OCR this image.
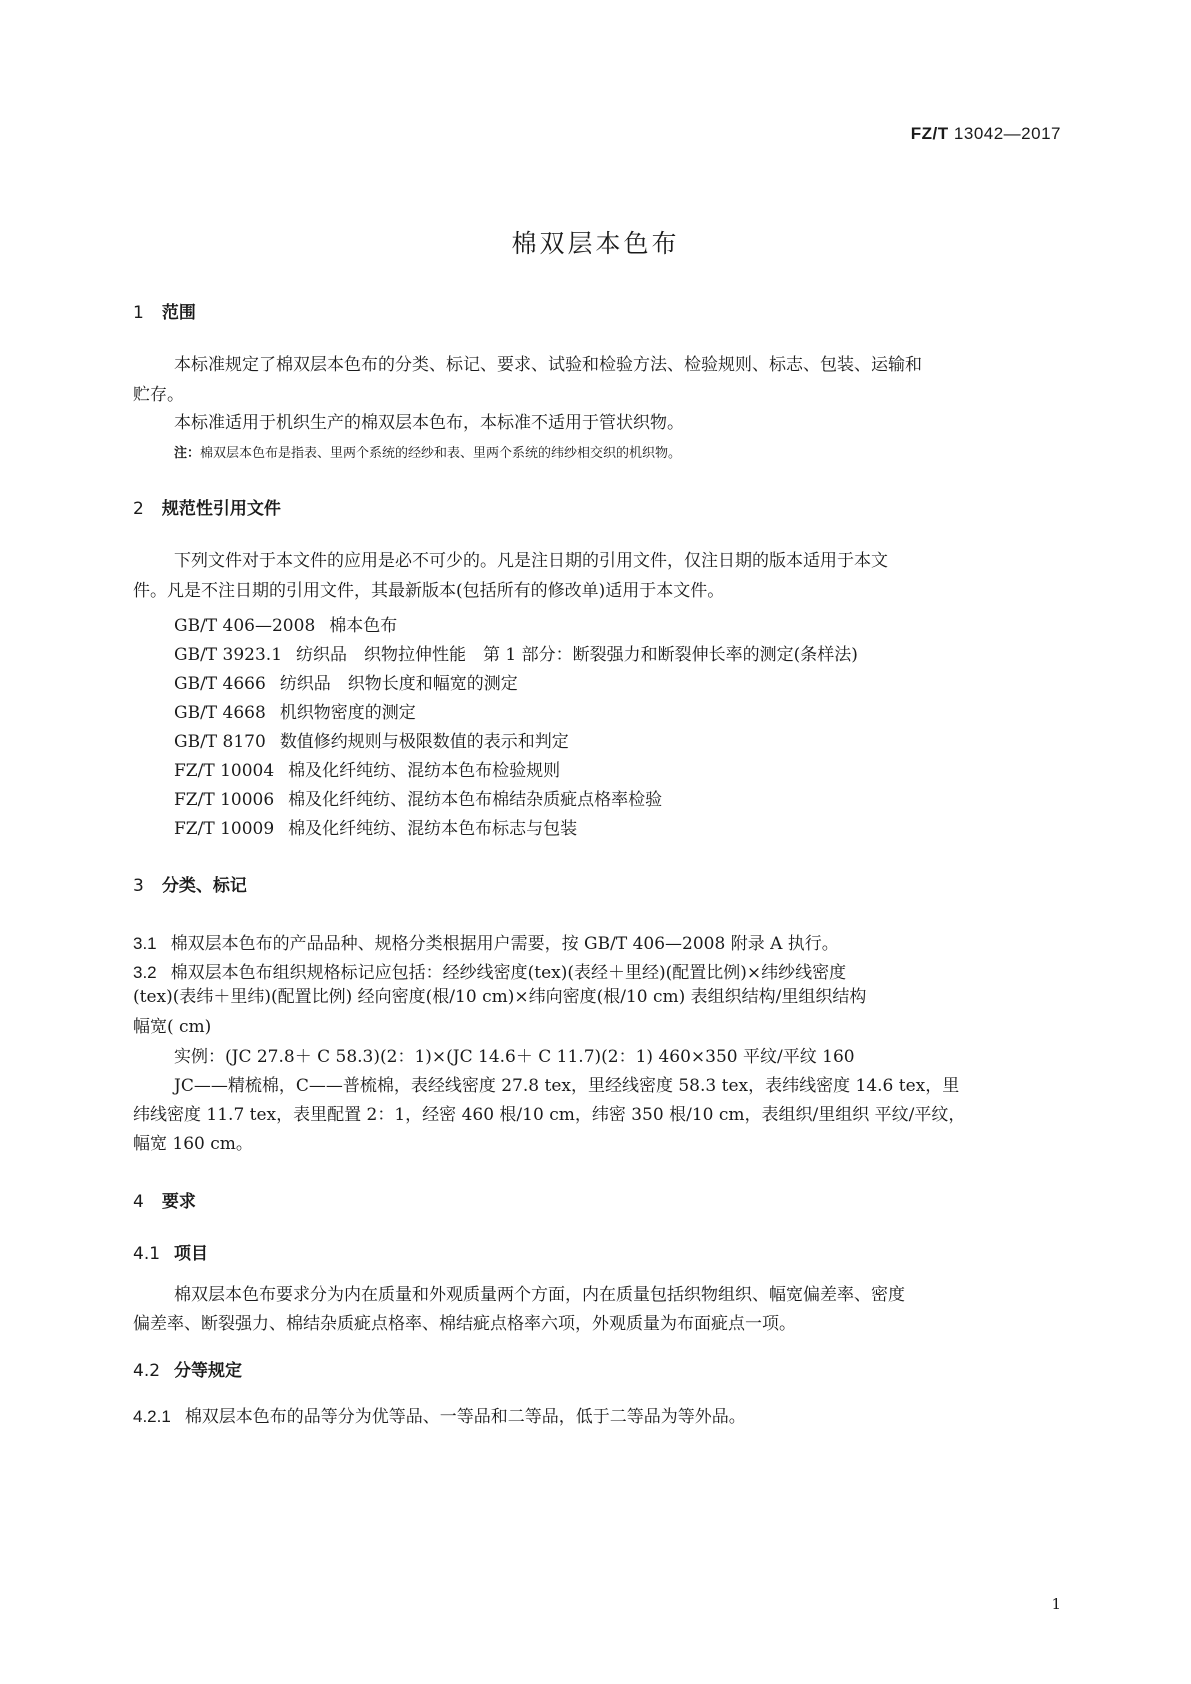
FZ/T 13042—2017
棉双层本色布
1 范围
本标准规定了棉双层本色布的分类、标记、要求、试验和检验方法、检验规则、标志、包装、运输和
贮存。
本标准适用于机织生产的棉双层本色布，本标准不适用于管状织物。
注：棉双层本色布是指表、里两个系统的经纱和表、里两个系统的纬纱相交织的机织物。
2 规范性引用文件
下列文件对于本文件的应用是必不可少的。凡是注日期的引用文件，仅注日期的版本适用于本文
件。凡是不注日期的引用文件，其最新版本(包括所有的修改单)适用于本文件。
GB/T 406—2008 棉本色布
GB/T 3923.1 纺织品　织物拉伸性能　第 1 部分：断裂强力和断裂伸长率的测定(条样法)
GB/T 4666 纺织品　织物长度和幅宽的测定
GB/T 4668 机织物密度的测定
GB/T 8170 数值修约规则与极限数值的表示和判定
FZ/T 10004 棉及化纤纯纺、混纺本色布检验规则
FZ/T 10006 棉及化纤纯纺、混纺本色布棉结杂质疵点格率检验
FZ/T 10009 棉及化纤纯纺、混纺本色布标志与包装
3 分类、标记
3.1 棉双层本色布的产品品种、规格分类根据用户需要，按 GB/T 406—2008 附录 A 执行。
3.2 棉双层本色布组织规格标记应包括：经纱线密度(tex)(表经＋里经)(配置比例)×纬纱线密度
(tex)(表纬＋里纬)(配置比例) 经向密度(根/10 cm)×纬向密度(根/10 cm) 表组织结构/里组织结构
幅宽( cm)
实例：(JC 27.8＋ C 58.3)(2：1)×(JC 14.6＋ C 11.7)(2：1) 460×350 平纹/平纹 160
JC——精梳棉，C——普梳棉，表经线密度 27.8 tex，里经线密度 58.3 tex，表纬线密度 14.6 tex，里
纬线密度 11.7 tex，表里配置 2：1，经密 460 根/10 cm，纬密 350 根/10 cm，表组织/里组织 平纹/平纹，
幅宽 160 cm。
4 要求
4.1 项目
棉双层本色布要求分为内在质量和外观质量两个方面，内在质量包括织物组织、幅宽偏差率、密度
偏差率、断裂强力、棉结杂质疵点格率、棉结疵点格率六项，外观质量为布面疵点一项。
4.2 分等规定
4.2.1 棉双层本色布的品等分为优等品、一等品和二等品，低于二等品为等外品。
1
